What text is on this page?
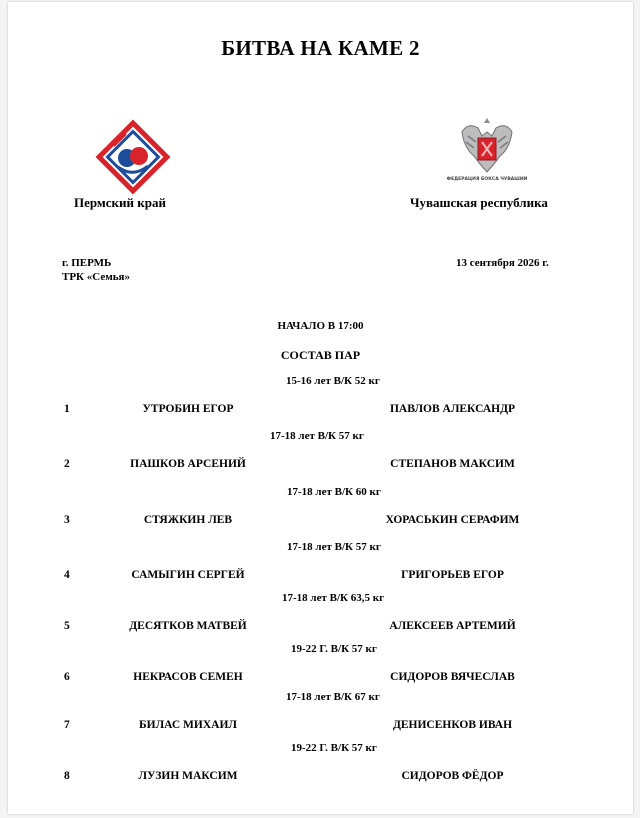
БИТВА НА КАМЕ 2
ФЕДЕРАЦИЯ БОКСА ЧУВАШИИ
Пермский край	Чувашская республика
г. ПЕРМЬ
ТРК «Семья»
13 сентября 2026 г.
НАЧАЛО В 17:00
СОСТАВ ПАР
15-16 лет В/К 52 кг
1	УТРОБИН ЕГОР	ПАВЛОВ АЛЕКСАНДР
17-18 лет В/К 57 кг
2	ПАШКОВ АРСЕНИЙ	СТЕПАНОВ МАКСИМ
17-18 лет В/К 60 кг
3	СТЯЖКИН ЛЕВ	ХОРАСЬКИН СЕРАФИМ
17-18 лет В/К 57 кг
4	САМЫГИН СЕРГЕЙ	ГРИГОРЬЕВ ЕГОР
17-18 лет В/К 63,5 кг
5	ДЕСЯТКОВ МАТВЕЙ	АЛЕКСЕЕВ АРТЕМИЙ
19-22 Г. В/К 57 кг
6	НЕКРАСОВ СЕМЕН	СИДОРОВ ВЯЧЕСЛАВ
17-18 лет В/К 67 кг
7	БИЛАС МИХАИЛ	ДЕНИСЕНКОВ ИВАН
19-22 Г. В/К 57 кг
8	ЛУЗИН МАКСИМ	СИДОРОВ ФЁДОР
